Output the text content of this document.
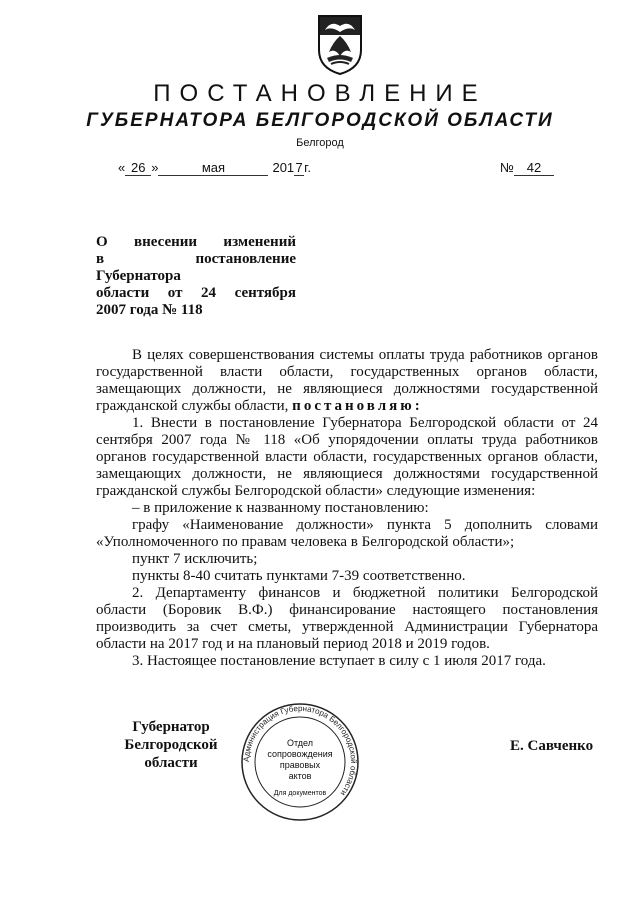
ПОСТАНОВЛЕНИЕ
ГУБЕРНАТОРА БЕЛГОРОДСКОЙ ОБЛАСТИ
Белгород
« 26 »	мая	2017г.	№ 42
О внесении изменений
в постановление Губернатора
области от 24 сентября
2007 года № 118

В целях совершенствования системы оплаты труда работников органов государственной власти области, государственных органов области, замещающих должности, не являющиеся должностями государственной гражданской службы области, постановляю:

1. Внести в постановление Губернатора Белгородской области от 24 сентября 2007 года № 118 «Об упорядочении оплаты труда работников органов государственной власти области, государственных органов области, замещающих должности, не являющиеся должностями государственной гражданской службы Белгородской области» следующие изменения:

– в приложение к названному постановлению:

графу «Наименование должности» пункта 5 дополнить словами «Уполномоченного по правам человека в Белгородской области»;

пункт 7 исключить;

пункты 8-40 считать пунктами 7-39 соответственно.

2. Департаменту финансов и бюджетной политики Белгородской области (Боровик В.Ф.) финансирование настоящего постановления производить за счет сметы, утвержденной Администрации Губернатора области на 2017 год и на плановый период 2018 и 2019 годов.

3. Настоящее постановление вступает в силу с 1 июля 2017 года.

Губернатор
Белгородской области
Е. Савченко
Администрация Губернатора Белгородской области
Отдел
сопровождения
правовых
актов
Для документов
